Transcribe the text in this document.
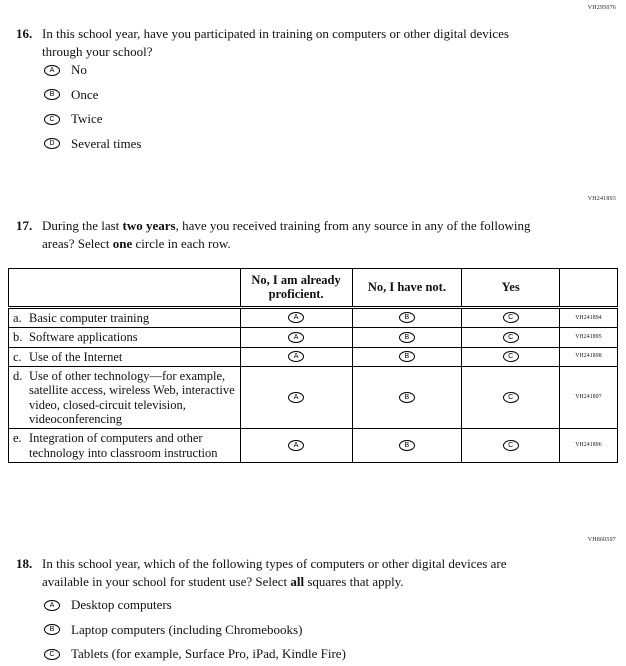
VH295076
16. In this school year, have you participated in training on computers or other digital devices through your school?
A	No
B	Once
C	Twice
D	Several times
VH241893
17. During the last two years, have you received training from any source in any of the following areas? Select one circle in each row.
	No, I am already proficient.	No, I have not.	Yes	

a. Basic computer training	A	B	C	VH241894

b. Software applications	A	B	C	VH241895

c. Use of the Internet	A	B	C	VH241898

d. Use of other technology—for example, satellite access, wireless Web, interactive video, closed-circuit television, videoconferencing	A	B	C	VH241897

e. Integration of computers and other technology into classroom instruction	A	B	C	VH241896
VH860597
18. In this school year, which of the following types of computers or other digital devices are available in your school for student use? Select all squares that apply.
A	Desktop computers
B	Laptop computers (including Chromebooks)
C	Tablets (for example, Surface Pro, iPad, Kindle Fire)
